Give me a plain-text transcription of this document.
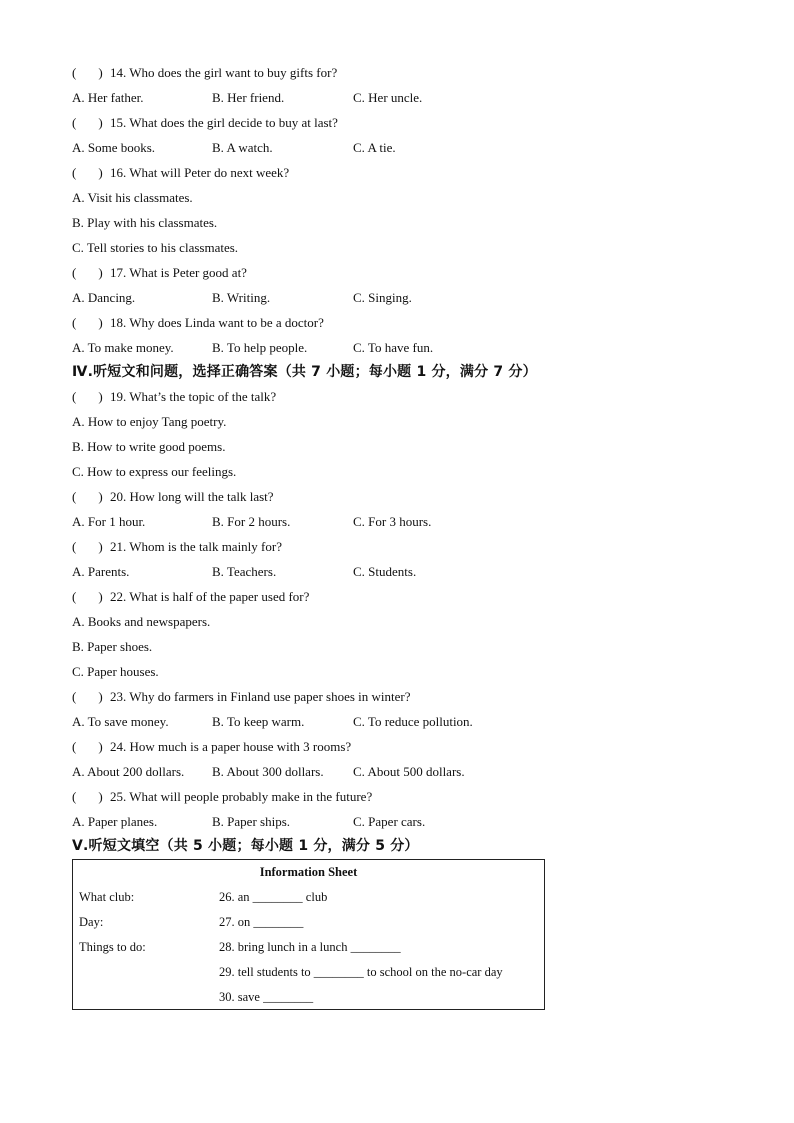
( ) 14. Who does the girl want to buy gifts for?
A. Her father.	B. Her friend.	C. Her uncle.
( ) 15. What does the girl decide to buy at last?
A. Some books.	B. A watch.	C. A tie.
( ) 16. What will Peter do next week?
A. Visit his classmates.
B. Play with his classmates.
C. Tell stories to his classmates.
( ) 17. What is Peter good at?
A. Dancing.	B. Writing.	C. Singing.
( ) 18. Why does Linda want to be a doctor?
A. To make money.	B. To help people.	C. To have fun.
Ⅳ.听短文和问题，选择正确答案（共 7 小题；每小题 1 分，满分 7 分）
( ) 19. What’s the topic of the talk?
A. How to enjoy Tang poetry.
B. How to write good poems.
C. How to express our feelings.
( ) 20. How long will the talk last?
A. For 1 hour.	B. For 2 hours.	C. For 3 hours.
( ) 21. Whom is the talk mainly for?
A. Parents.	B. Teachers.	C. Students.
( ) 22. What is half of the paper used for?
A. Books and newspapers.
B. Paper shoes.
C. Paper houses.
( ) 23. Why do farmers in Finland use paper shoes in winter?
A. To save money.	B. To keep warm.	C. To reduce pollution.
( ) 24. How much is a paper house with 3 rooms?
A. About 200 dollars.	B. About 300 dollars.	C. About 500 dollars.
( ) 25. What will people probably make in the future?
A. Paper planes.	B. Paper ships.	C. Paper cars.
Ⅴ.听短文填空（共 5 小题；每小题 1 分，满分 5 分）
Information Sheet
What club:	26. an ________ club
Day:	27. on ________
Things to do:	28. bring lunch in a lunch ________
29. tell students to ________ to school on the no-car day
30. save ________
